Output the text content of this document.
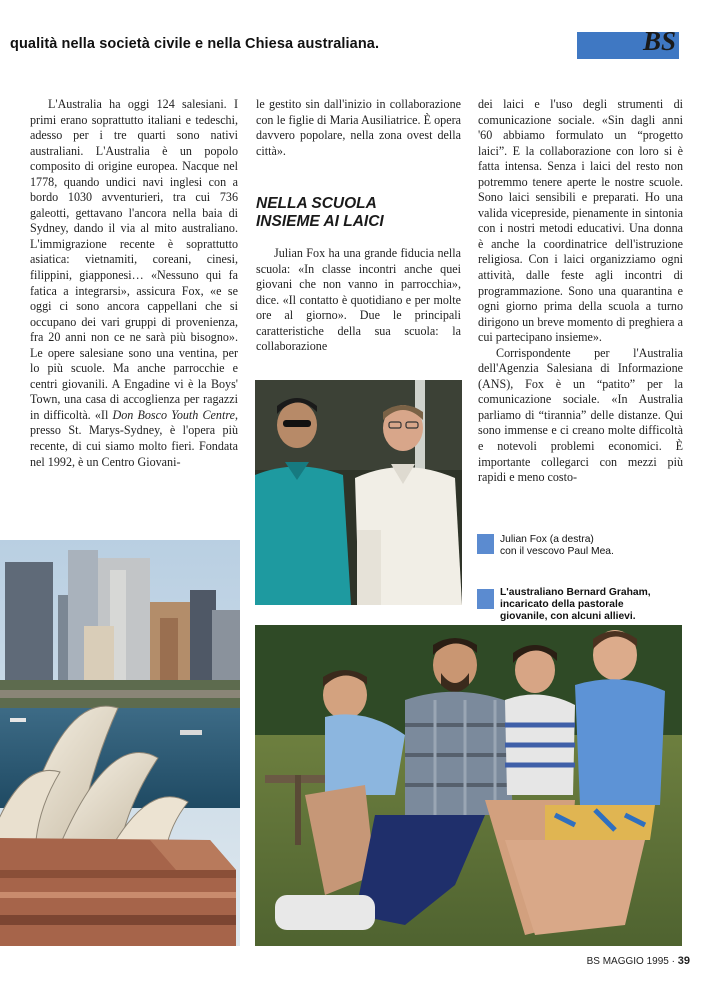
qualità nella società civile e nella Chiesa australiana.	BS

L'Australia ha oggi 124 salesiani. I primi erano soprattutto italiani e tedeschi, adesso per i tre quarti sono nativi australiani. L'Australia è un popolo composito di origine europea. Nacque nel 1778, quando undici navi inglesi con a bordo 1030 avventurieri, tra cui 736 galeotti, gettavano l'ancora nella baia di Sydney, dando il via al mito australiano. L'immigrazione recente è soprattutto asiatica: vietnamiti, coreani, cinesi, filippini, giapponesi… «Nessuno qui fa fatica a integrarsi», assicura Fox, «e se oggi ci sono ancora cappellani che si occupano dei vari gruppi di provenienza, fra 20 anni non ce ne sarà più bisogno». Le opere salesiane sono una ventina, per lo più scuole. Ma anche parrocchie e centri giovanili. A Engadine vi è la Boys' Town, una casa di accoglienza per ragazzi in difficoltà. «Il Don Bosco Youth Centre, presso St. Marys-Sydney, è l'opera più recente, di cui siamo molto fieri. Fondata nel 1992, è un Centro Giovani-

le gestito sin dall'inizio in collaborazione con le figlie di Maria Ausiliatrice. È opera davvero popolare, nella zona ovest della città».

NELLA SCUOLA
INSIEME AI LAICI

Julian Fox ha una grande fiducia nella scuola: «In classe incontri anche quei giovani che non vanno in parrocchia», dice. «Il contatto è quotidiano e per molte ore al giorno». Due le principali caratteristiche della sua scuola: la collaborazione

dei laici e l'uso degli strumenti di comunicazione sociale. «Sin dagli anni '60 abbiamo formulato un “progetto laici”. E la collaborazione con loro si è fatta intensa. Senza i laici del resto non potremmo tenere aperte le nostre scuole. Sono laici sensibili e preparati. Ho una valida vicepreside, pienamente in sintonia con i nostri metodi educativi. Una donna è anche la coordinatrice dell'istruzione religiosa. Con i laici organizziamo ogni attività, dalle feste agli incontri di programmazione. Sono una quarantina e ogni giorno prima della scuola a turno dirigono un breve momento di preghiera a cui partecipano insieme».

Corrispondente per l'Australia dell'Agenzia Salesiana di Informazione (ANS), Fox è un “patito” per la comunicazione sociale. «In Australia parliamo di “tirannia” delle distanze. Qui sono immense e ci creano molte difficoltà e notevoli problemi economici. È importante collegarci con mezzi più rapidi e meno costo-

Julian Fox (a destra)
con il vescovo Paul Mea.
L'australiano Bernard Graham,
incaricato della pastorale
giovanile, con alcuni allievi.
BS MAGGIO 1995 · 39
